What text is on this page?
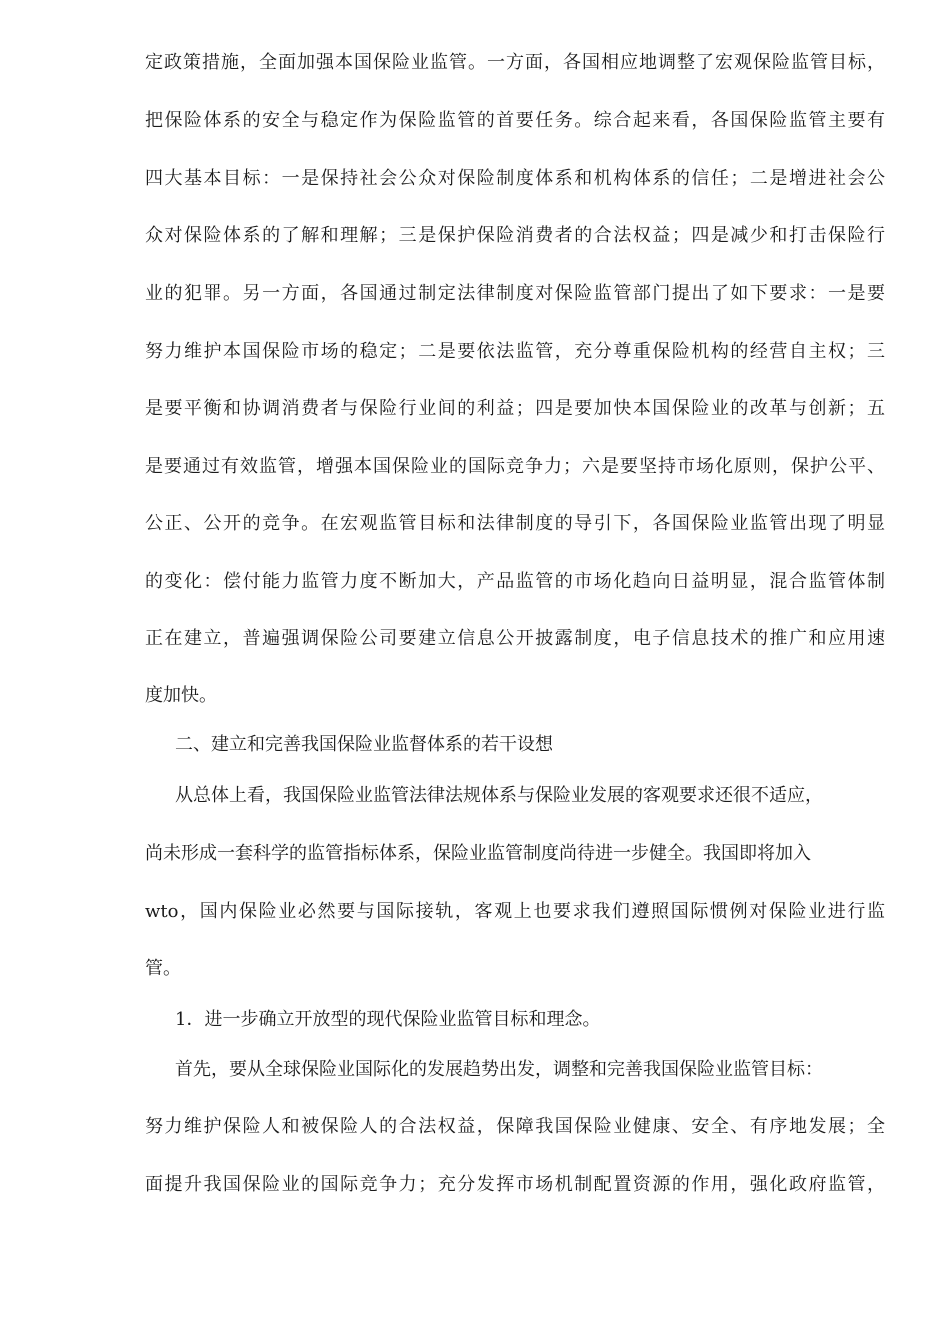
定政策措施，全面加强本国保险业监管。一方面，各国相应地调整了宏观保险监管目标，

把保险体系的安全与稳定作为保险监管的首要任务。综合起来看，各国保险监管主要有

四大基本目标：一是保持社会公众对保险制度体系和机构体系的信任；二是增进社会公

众对保险体系的了解和理解；三是保护保险消费者的合法权益；四是减少和打击保险行

业的犯罪。另一方面，各国通过制定法律制度对保险监管部门提出了如下要求：一是要

努力维护本国保险市场的稳定；二是要依法监管，充分尊重保险机构的经营自主权；三

是要平衡和协调消费者与保险行业间的利益；四是要加快本国保险业的改革与创新；五

是要通过有效监管，增强本国保险业的国际竞争力；六是要坚持市场化原则，保护公平、

公正、公开的竞争。在宏观监管目标和法律制度的导引下，各国保险业监管出现了明显

的变化：偿付能力监管力度不断加大，产品监管的市场化趋向日益明显，混合监管体制

正在建立，普遍强调保险公司要建立信息公开披露制度，电子信息技术的推广和应用速

度加快。

二、建立和完善我国保险业监督体系的若干设想

从总体上看，我国保险业监管法律法规体系与保险业发展的客观要求还很不适应，

尚未形成一套科学的监管指标体系，保险业监管制度尚待进一步健全。我国即将加入

wto，国内保险业必然要与国际接轨，客观上也要求我们遵照国际惯例对保险业进行监

管。

1．进一步确立开放型的现代保险业监管目标和理念。

首先，要从全球保险业国际化的发展趋势出发，调整和完善我国保险业监管目标：

努力维护保险人和被保险人的合法权益，保障我国保险业健康、安全、有序地发展；全

面提升我国保险业的国际竞争力；充分发挥市场机制配置资源的作用，强化政府监管，
